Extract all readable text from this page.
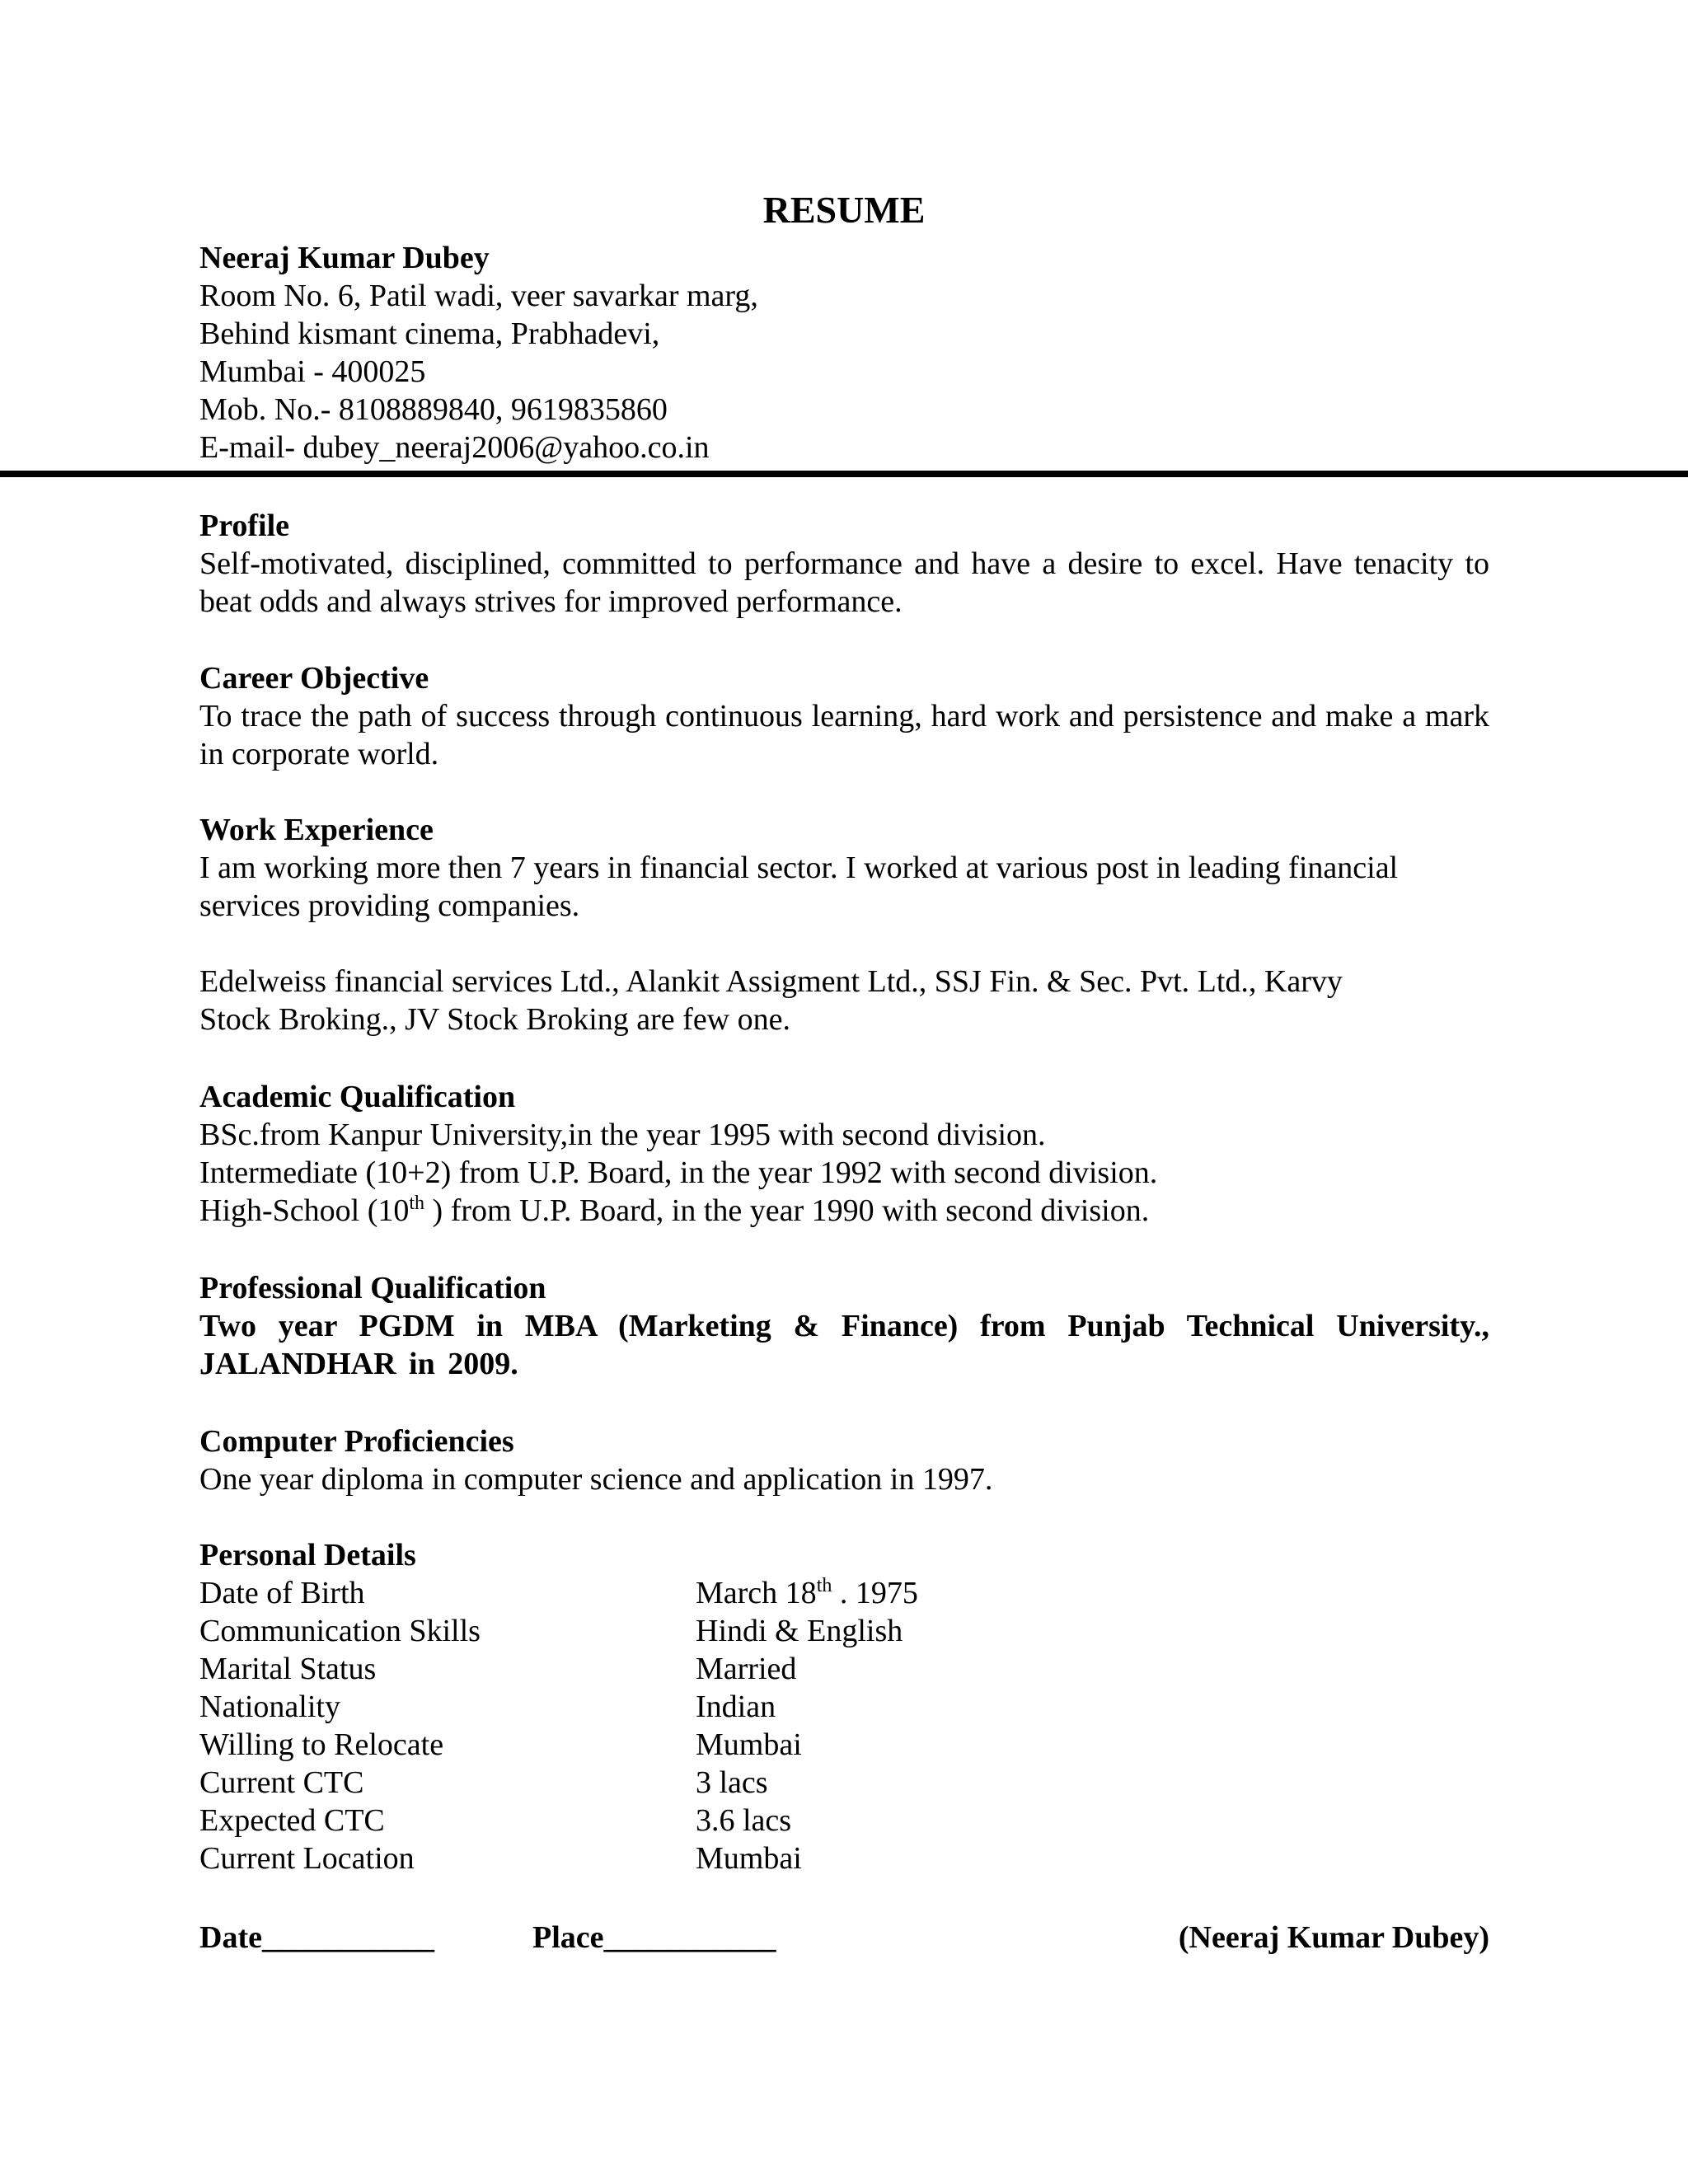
RESUME
Neeraj Kumar Dubey
Room No. 6, Patil wadi, veer savarkar marg,
Behind kismant cinema, Prabhadevi,
Mumbai - 400025
Mob. No.- 8108889840, 9619835860
E-mail- dubey_neeraj2006@yahoo.co.in
Profile
Self-motivated, disciplined, committed to performance and have a desire to excel. Have tenacity to beat odds and always strives for improved performance.
Career Objective
To trace the path of success through continuous learning, hard work and persistence and make a mark in corporate world.
Work Experience
I am working more then 7 years in financial sector. I worked at various post in leading financial
services providing companies.
Edelweiss financial services Ltd., Alankit Assigment Ltd., SSJ Fin. & Sec. Pvt. Ltd., Karvy
Stock Broking., JV Stock Broking are few one.
Academic Qualification
BSc.from Kanpur University,in the year 1995 with second division.
Intermediate (10+2) from U.P. Board, in the year 1992 with second division.
High-School (10th ) from U.P. Board, in the year 1990 with second division.
Professional Qualification
Two year PGDM in MBA (Marketing & Finance) from Punjab Technical University., JALANDHAR in 2009.
Computer Proficiencies
One year diploma in computer science and application in 1997.
Personal Details
Date of Birth	March 18th . 1975
Communication Skills	Hindi & English
Marital Status	Married
Nationality	Indian
Willing to Relocate	Mumbai
Current CTC	3 lacs
Expected CTC	3.6 lacs
Current Location	Mumbai
Date___________	Place___________	(Neeraj Kumar Dubey)
